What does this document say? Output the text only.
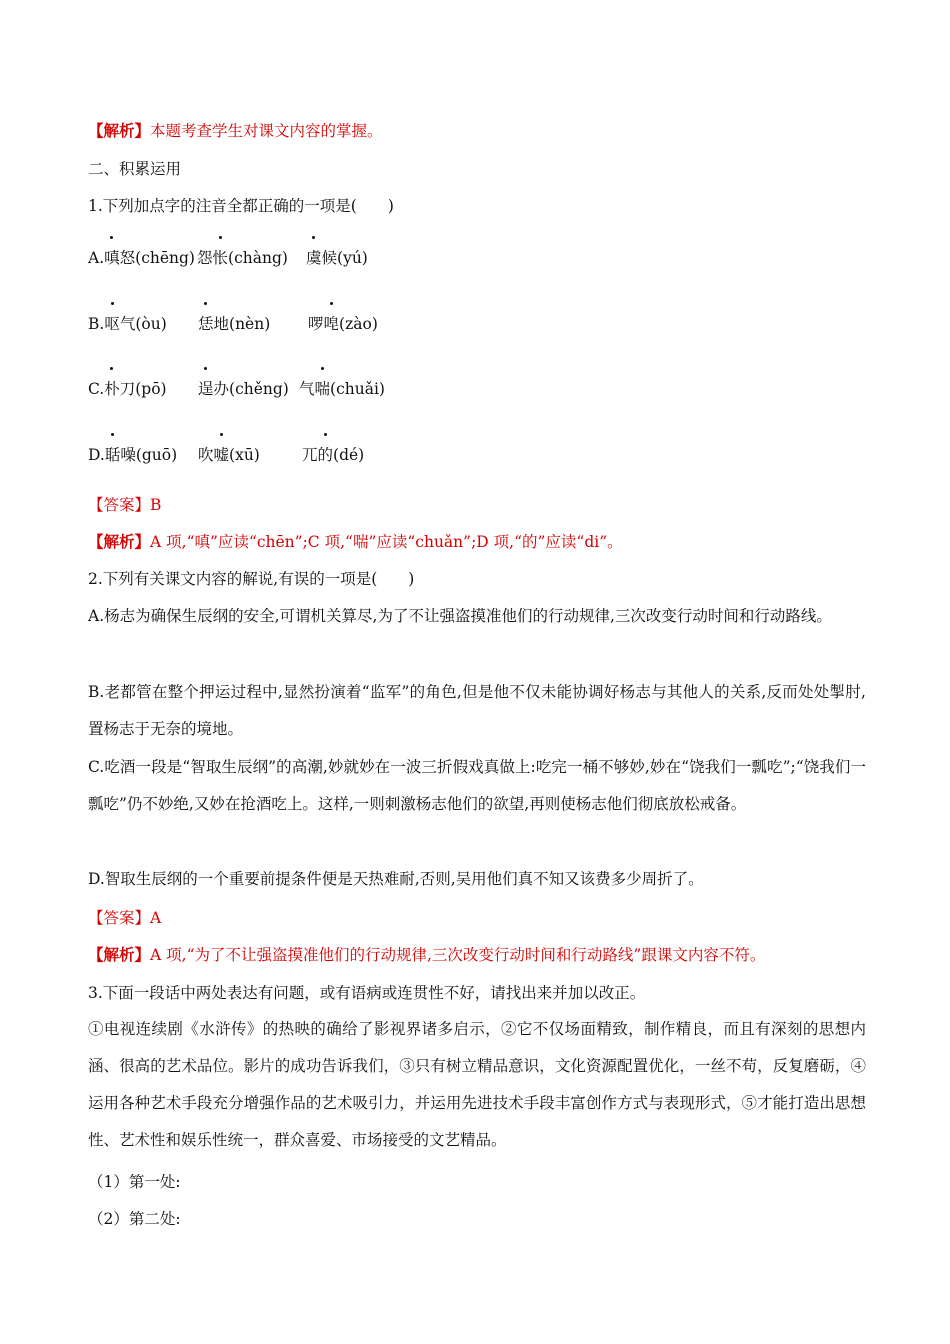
【解析】本题考查学生对课文内容的掌握。
二、积累运用
1.下列加点字的注音全都正确的一项是(　　)
A.嗔怒(chēng) 怨怅(chàng) 虞候(yú)
B.呕气(òu) 恁地(nèn) 啰唣(zào)
C.朴刀(pō) 逞办(chěng) 气喘(chuǎi)
D.聒噪(guō) 吹嘘(xū)	兀的(dé)
【答案】B
【解析】A 项,“嗔”应读“chēn”;C 项,“喘”应读“chuǎn”;D 项,“的”应读“di”。
2.下列有关课文内容的解说,有误的一项是(　　)
A.杨志为确保生辰纲的安全,可谓机关算尽,为了不让强盗摸准他们的行动规律,三次改变行动时间和行动路线。
B.老都管在整个押运过程中,显然扮演着“监军”的角色,但是他不仅未能协调好杨志与其他人的关系,反而处处掣肘,置杨志于无奈的境地。
C.吃酒一段是“智取生辰纲”的高潮,妙就妙在一波三折假戏真做上:吃完一桶不够妙,妙在“饶我们一瓢吃”;“饶我们一瓢吃”仍不妙绝,又妙在抢酒吃上。这样,一则刺激杨志他们的欲望,再则使杨志他们彻底放松戒备。
D.智取生辰纲的一个重要前提条件便是天热难耐,否则,吴用他们真不知又该费多少周折了。
【答案】A
【解析】A 项,“为了不让强盗摸准他们的行动规律,三次改变行动时间和行动路线”跟课文内容不符。
3.下面一段话中两处表达有问题，或有语病或连贯性不好，请找出来并加以改正。
①电视连续剧《水浒传》的热映的确给了影视界诸多启示，②它不仅场面精致，制作精良，而且有深刻的思想内涵、很高的艺术品位。影片的成功告诉我们，③只有树立精品意识，文化资源配置优化，一丝不苟，反复磨砺，④运用各种艺术手段充分增强作品的艺术吸引力，并运用先进技术手段丰富创作方式与表现形式，⑤才能打造出思想性、艺术性和娱乐性统一，群众喜爱、市场接受的文艺精品。
（1）第一处:
（2）第二处:
